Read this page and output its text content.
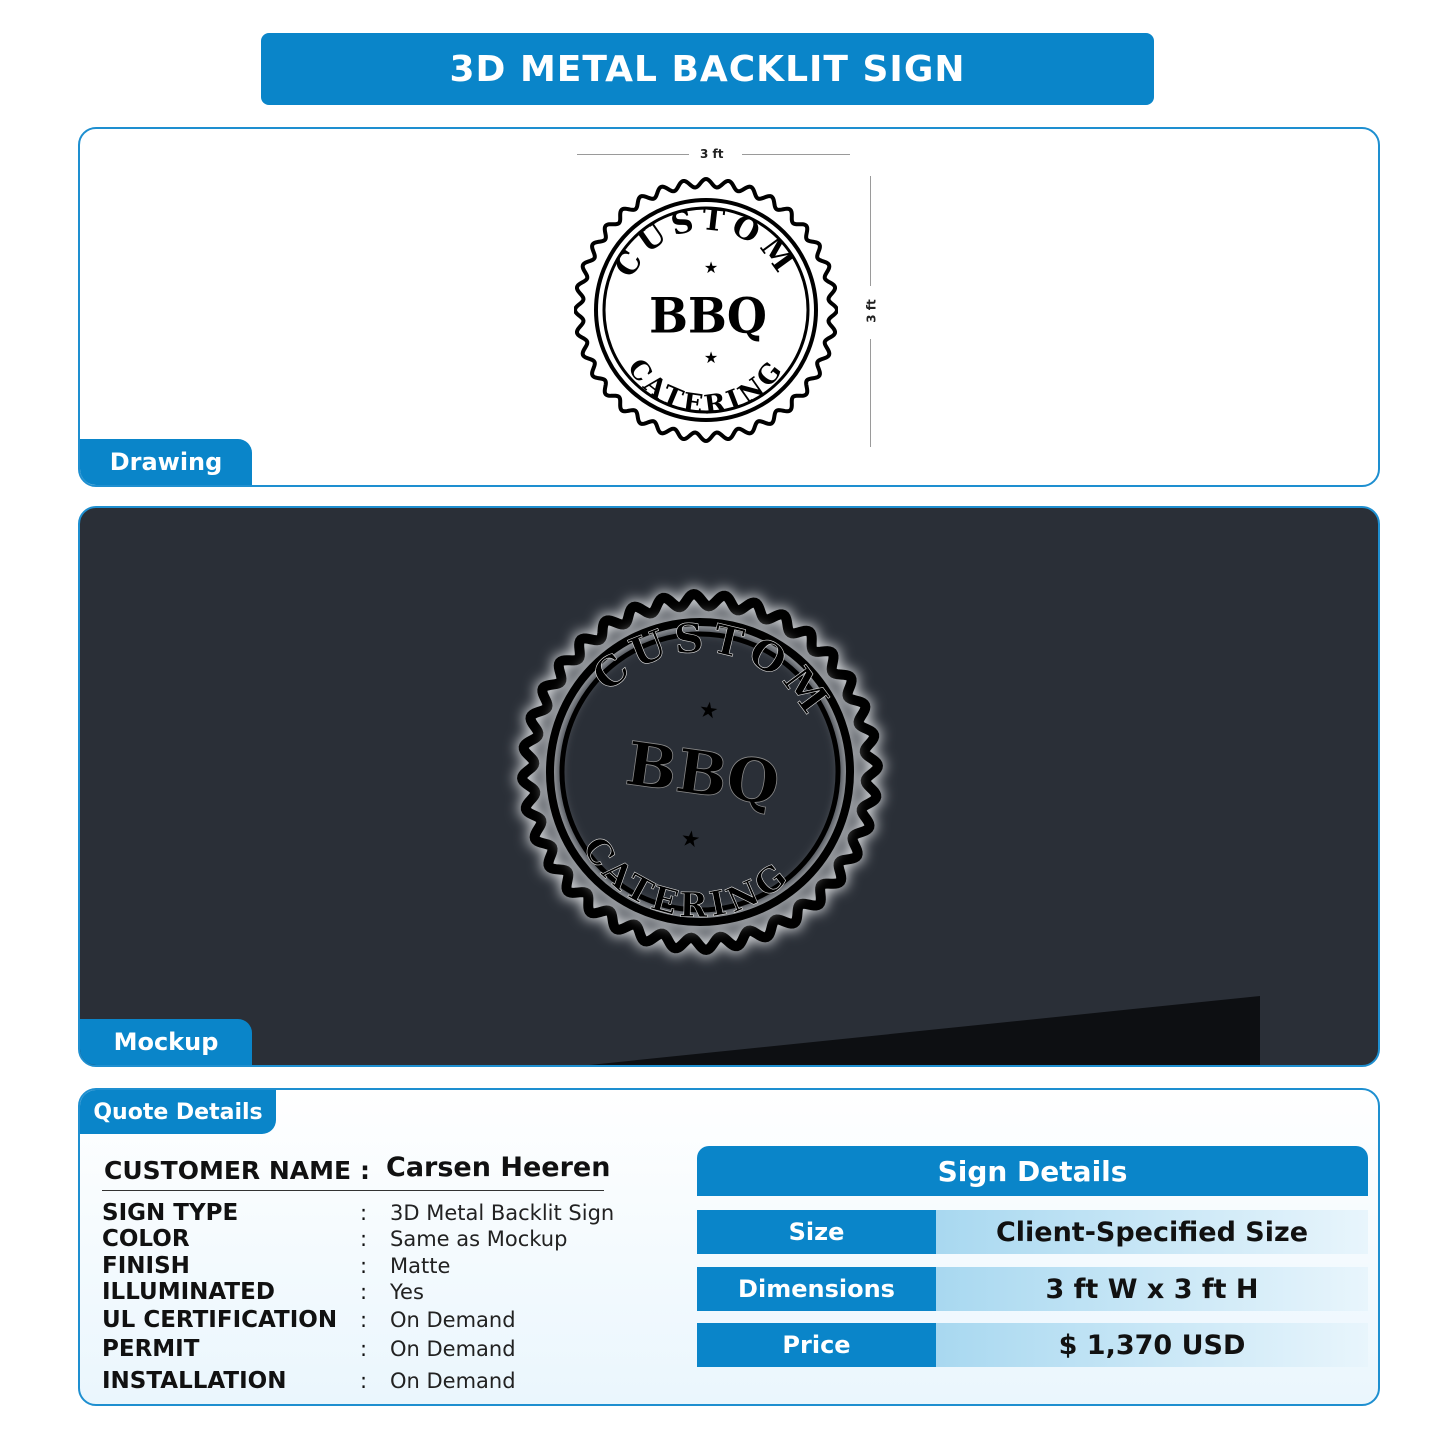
3D METAL BACKLIT SIGN
3 ft
3 ft
CUSTOM
CATERING
BBQ
★
★
Drawing
CUSTOM
CATERING
BBQ
★
★
Mockup
Quote Details
CUSTOMER NAME : Carsen Heeren
SIGN TYPE	: 3D Metal Backlit Sign
COLOR	: Same as Mockup
FINISH	: Matte
ILLUMINATED	: Yes
UL CERTIFICATION : On Demand
PERMIT	: On Demand
INSTALLATION	: On Demand
Sign Details
Size	Client-Specified Size
Dimensions	3 ft W x 3 ft H
Price	$ 1,370 USD
